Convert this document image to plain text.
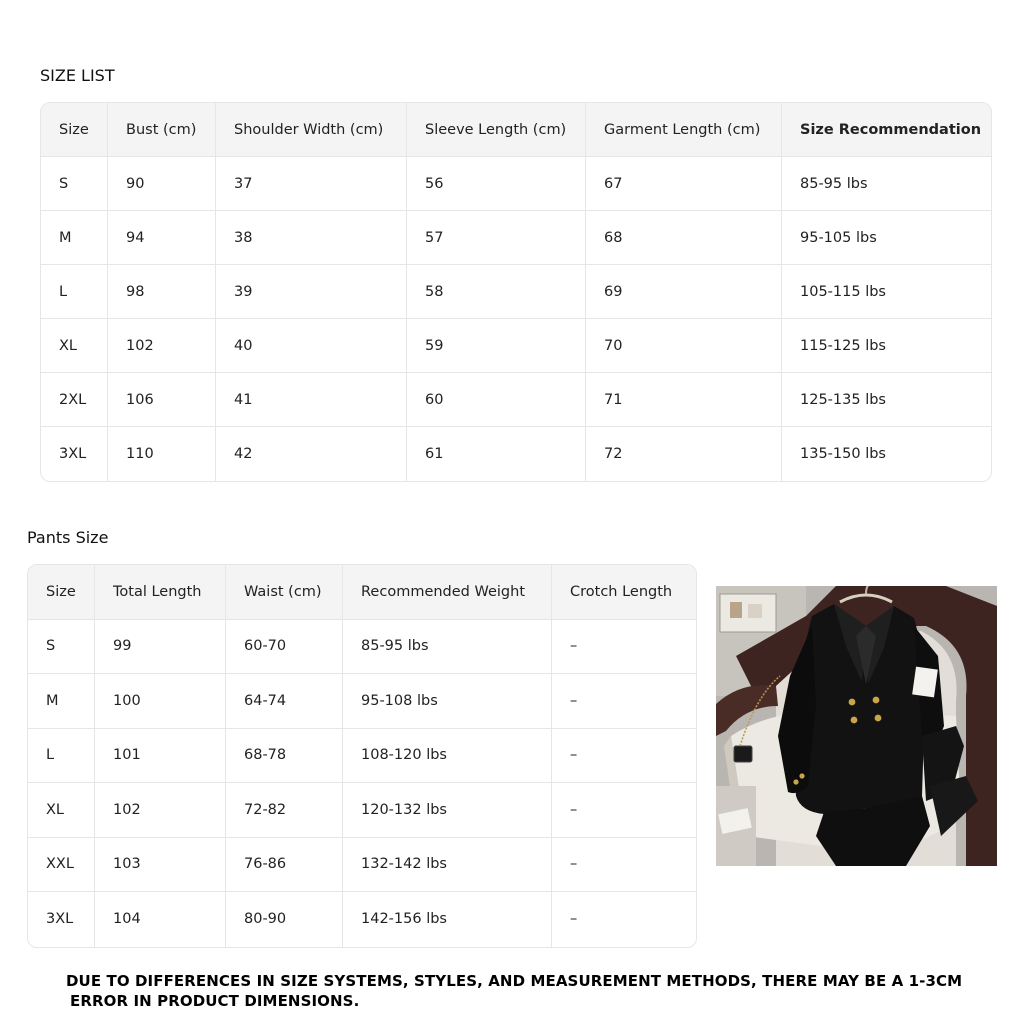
SIZE LIST
Size	Bust (cm)	Shoulder Width (cm)	Sleeve Length (cm)	Garment Length (cm)	Size Recommendation
S	90	37	56	67	85-95 lbs
M	94	38	57	68	95-105 lbs
L	98	39	58	69	105-115 lbs
XL	102	40	59	70	115-125 lbs
2XL	106	41	60	71	125-135 lbs
3XL	110	42	61	72	135-150 lbs
Pants Size
Size	Total Length	Waist (cm)	Recommended Weight	Crotch Length
S	99	60-70	85-95 lbs	–
M	100	64-74	95-108 lbs	–
L	101	68-78	108-120 lbs	–
XL	102	72-82	120-132 lbs	–
XXL	103	76-86	132-142 lbs	–
3XL	104	80-90	142-156 lbs	–
DUE TO DIFFERENCES IN SIZE SYSTEMS, STYLES, AND MEASUREMENT METHODS, THERE MAY BE A 1-3CM
ERROR IN PRODUCT DIMENSIONS.
